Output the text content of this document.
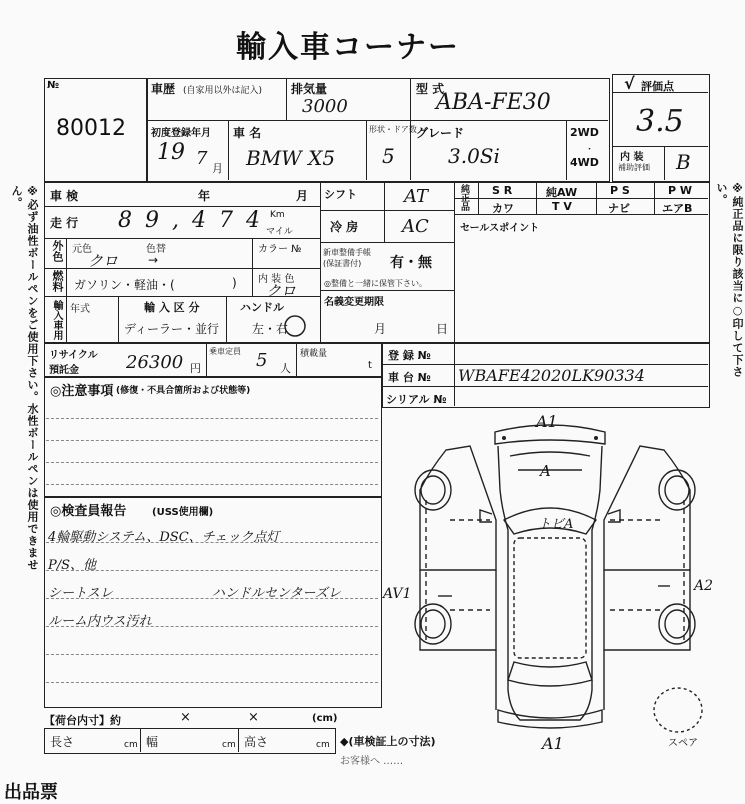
輸入車コーナー
※必ず油性ボールペンをご使用下さい。水性ボールペンは使用できません。	※純正品に限り該当に○印して下さい。
№
80012
車歴 (自家用以外は記入) 排気量
3000
型 式
ABA-FE30
初度登録年月
19 7 月
車 名
BMW X5
形状・ドア数
5
グレード
3.0Si
2WD
・
4WD
√ 評価点
3.5
内 装
補助評価 B
車 検	年	月
走 行 8 9 , 4 7 4 Km
マイル
外色 元色	色替
クロ →
カラー №
燃料 ガソリン・軽油・(	) 内 装 色
クロ
輸入車用 年式	輸 入 区 分
ディーラー・並行
ハンドル
左・右
シフト	AT
冷 房 AC
新車整備手帳 (保証書付)	有・無
◎整備と一緒に保管下さい。
名義変更期限
月	日
純正品 S R	純AW	P S	P W
カワ	T V	ナビ	エアB
セールスポイント
リサイクル 預託金	26300 円
乗車定員 5 人
積載量
t
登 録 №
車 台 № WBAFE42020LK90334
シリアル №
◎注意事項 (修復・不具合箇所および状態等)
◎検査員報告	(USS使用欄)
4輪駆動システム、DSC、チェック点灯
P/S、他
シートスレ	ハンドルセンターズレ
ルーム内ウス汚れ
【荷台内寸】約	×	×	(cm)
長さ	cm 幅	cm 高さ	cm ◆(車検証上の寸法)
お客様へ ……
出品票
A1
A
トビA
AV1	A2
A1	スペア
